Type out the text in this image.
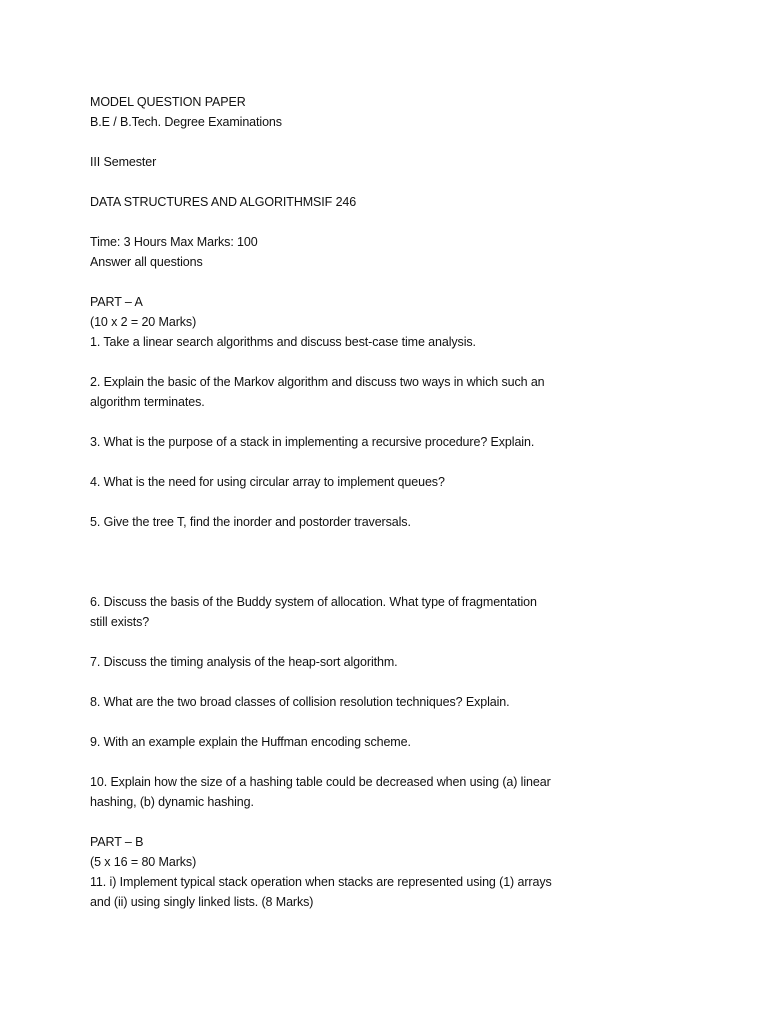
MODEL QUESTION PAPER
B.E / B.Tech. Degree Examinations
III Semester
DATA STRUCTURES AND ALGORITHMSIF 246
Time: 3 Hours Max Marks: 100
Answer all questions
PART – A
(10 x 2 = 20 Marks)
1. Take a linear search algorithms and discuss best-case time analysis.
2. Explain the basic of the Markov algorithm and discuss two ways in which such an
algorithm terminates.
3. What is the purpose of a stack in implementing a recursive procedure? Explain.
4. What is the need for using circular array to implement queues?
5. Give the tree T, find the inorder and postorder traversals.
6. Discuss the basis of the Buddy system of allocation. What type of fragmentation
still exists?
7. Discuss the timing analysis of the heap-sort algorithm.
8. What are the two broad classes of collision resolution techniques? Explain.
9. With an example explain the Huffman encoding scheme.
10. Explain how the size of a hashing table could be decreased when using (a) linear
hashing, (b) dynamic hashing.
PART – B
(5 x 16 = 80 Marks)
11. i) Implement typical stack operation when stacks are represented using (1) arrays
and (ii) using singly linked lists. (8 Marks)
